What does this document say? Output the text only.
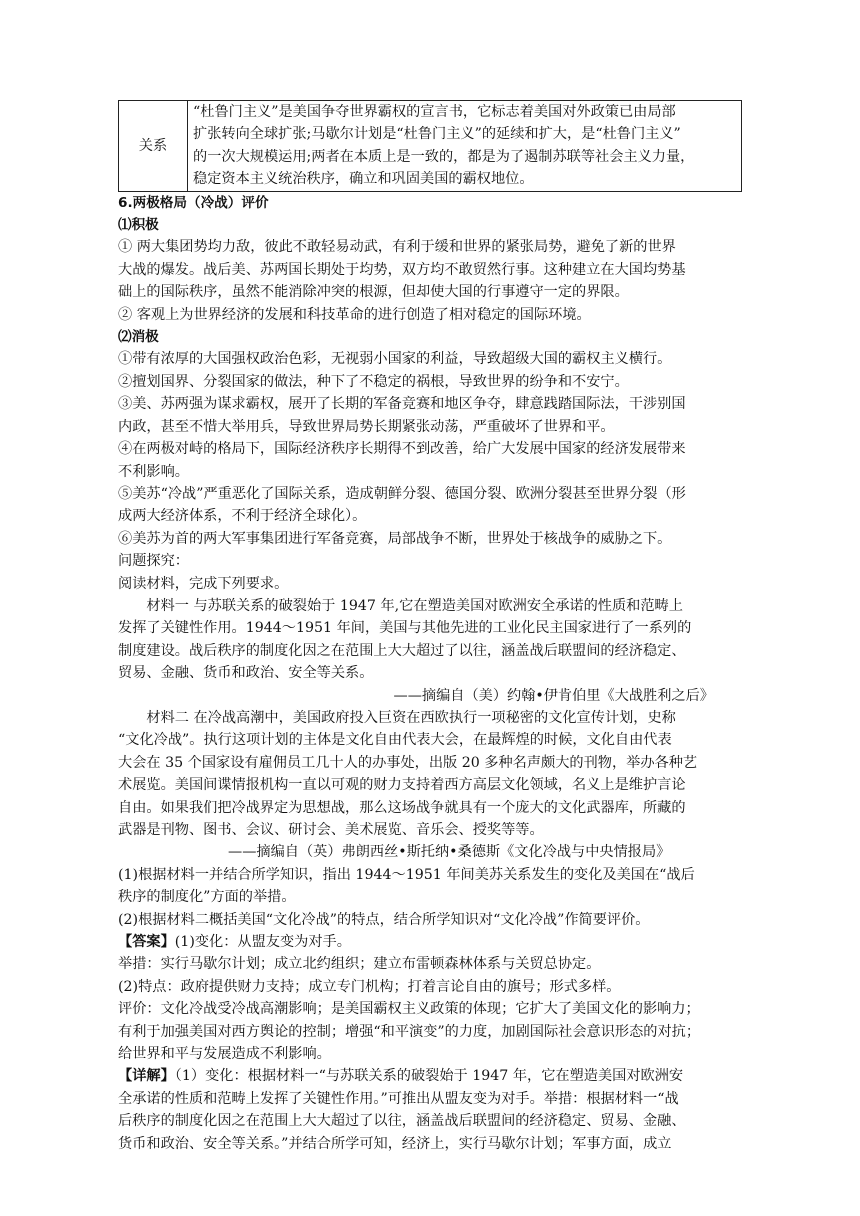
关系	
“杜鲁门主义”是美国争夺世界霸权的宣言书，它标志着美国对外政策已由局部
扩张转向全球扩张;马歇尔计划是“杜鲁门主义”的延续和扩大，是“杜鲁门主义”
的一次大规模运用;两者在本质上是一致的，都是为了遏制苏联等社会主义力量，
稳定资本主义统治秩序，确立和巩固美国的霸权地位。

6.两极格局（冷战）评价

⑴积极

① 两大集团势均力敌，彼此不敢轻易动武，有利于缓和世界的紧张局势，避免了新的世界
大战的爆发。战后美、苏两国长期处于均势，双方均不敢贸然行事。这种建立在大国均势基
础上的国际秩序，虽然不能消除冲突的根源，但却使大国的行事遵守一定的界限。
② 客观上为世界经济的发展和科技革命的进行创造了相对稳定的国际环境。

⑵消极

①带有浓厚的大国强权政治色彩，无视弱小国家的利益，导致超级大国的霸权主义横行。
②擅划国界、分裂国家的做法，种下了不稳定的祸根，导致世界的纷争和不安宁。
③美、苏两强为谋求霸权，展开了长期的军备竞赛和地区争夺，肆意践踏国际法，干涉别国
内政，甚至不惜大举用兵，导致世界局势长期紧张动荡，严重破坏了世界和平。
④在两极对峙的格局下，国际经济秩序长期得不到改善，给广大发展中国家的经济发展带来
不利影响。
⑤美苏“冷战”严重恶化了国际关系，造成朝鲜分裂、德国分裂、欧洲分裂甚至世界分裂（形
成两大经济体系，不利于经济全球化）。
⑥美苏为首的两大军事集团进行军备竞赛，局部战争不断，世界处于核战争的威胁之下。
问题探究：
阅读材料，完成下列要求。
材料一 与苏联关系的破裂始于 1947 年,它在塑造美国对欧洲安全承诺的性质和范畴上
发挥了关键性作用。1944～1951 年间，美国与其他先进的工业化民主国家进行了一系列的
制度建设。战后秩序的制度化因之在范围上大大超过了以往，涵盖战后联盟间的经济稳定、
贸易、金融、货币和政治、安全等关系。
——摘编自（美）约翰•伊肯伯里《大战胜利之后》
材料二 在冷战高潮中，美国政府投入巨资在西欧执行一项秘密的文化宣传计划，史称
“文化冷战”。执行这项计划的主体是文化自由代表大会，在最辉煌的时候，文化自由代表
大会在 35 个国家设有雇佣员工几十人的办事处，出版 20 多种名声颇大的刊物，举办各种艺
术展览。美国间谍情报机构一直以可观的财力支持着西方高层文化领域，名义上是维护言论
自由。如果我们把冷战界定为思想战，那么这场战争就具有一个庞大的文化武器库，所藏的
武器是刊物、图书、会议、研讨会、美术展览、音乐会、授奖等等。
——摘编自（英）弗朗西丝•斯托纳•桑德斯《文化冷战与中央情报局》
(1)根据材料一并结合所学知识，指出 1944～1951 年间美苏关系发生的变化及美国在“战后
秩序的制度化”方面的举措。
(2)根据材料二概括美国“文化冷战”的特点，结合所学知识对“文化冷战”作简要评价。
【答案】(1)变化：从盟友变为对手。
举措：实行马歇尔计划；成立北约组织；建立布雷顿森林体系与关贸总协定。
(2)特点：政府提供财力支持；成立专门机构；打着言论自由的旗号；形式多样。
评价：文化冷战受冷战高潮影响；是美国霸权主义政策的体现；它扩大了美国文化的影响力；
有利于加强美国对西方舆论的控制；增强“和平演变”的力度，加剧国际社会意识形态的对抗；
给世界和平与发展造成不利影响。
【详解】（1）变化：根据材料一“与苏联关系的破裂始于 1947 年，它在塑造美国对欧洲安
全承诺的性质和范畴上发挥了关键性作用。”可推出从盟友变为对手。举措：根据材料一“战
后秩序的制度化因之在范围上大大超过了以往，涵盖战后联盟间的经济稳定、贸易、金融、
货币和政治、安全等关系。”并结合所学可知，经济上，实行马歇尔计划；军事方面，成立
